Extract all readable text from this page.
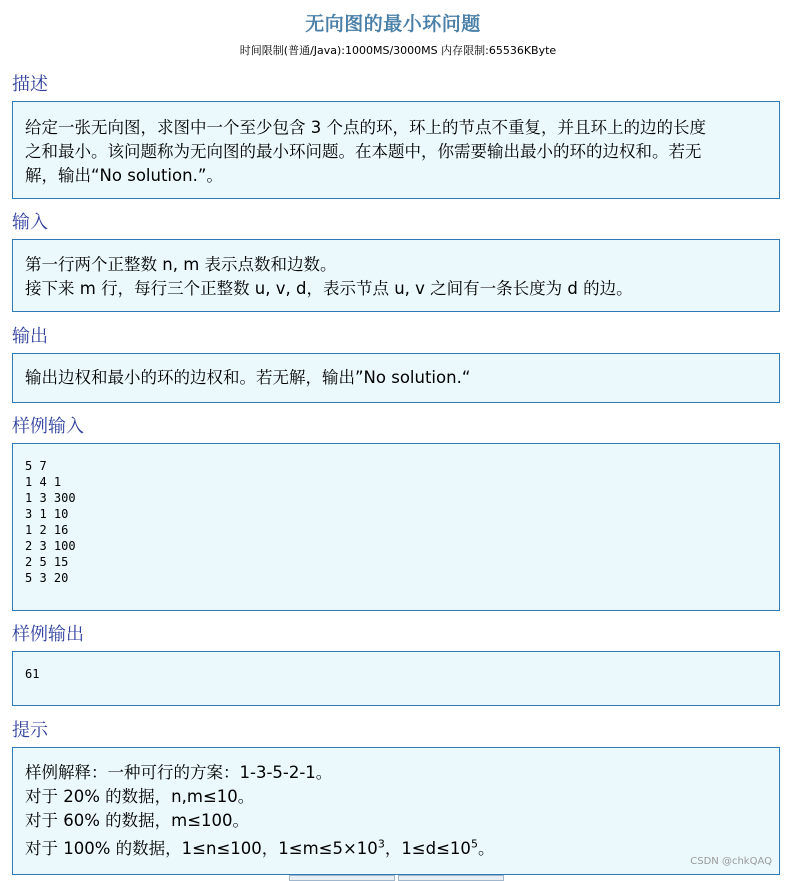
无向图的最小环问题
时间限制(普通/Java):1000MS/3000MS 内存限制:65536KByte
描述
给定一张无向图，求图中一个至少包含 3 个点的环，环上的节点不重复，并且环上的边的长度
之和最小。该问题称为无向图的最小环问题。在本题中，你需要输出最小的环的边权和。若无
解，输出“No solution.”。
输入
第一行两个正整数 n, m 表示点数和边数。
接下来 m 行，每行三个正整数 u, v, d，表示节点 u, v 之间有一条长度为 d 的边。
输出
输出边权和最小的环的边权和。若无解，输出”No solution.“
样例输入
5 7
1 4 1
1 3 300
3 1 10
1 2 16
2 3 100
2 5 15
5 3 20
样例输出
61
提示
样例解释：一种可行的方案：1-3-5-2-1。
对于 20% 的数据，n,m≤10。
对于 60% 的数据，m≤100。
对于 100% 的数据，1≤n≤100，$1\le m\le 5\times 10^3$，$1\le d\le 10^5$。
CSDN @chkQAQ
